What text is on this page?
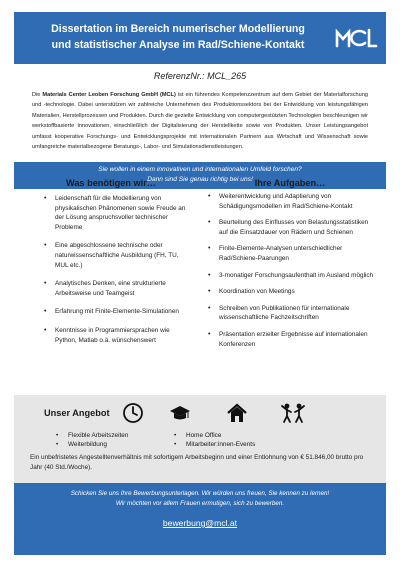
Dissertation im Bereich numerischer Modellierung
und statistischer Analyse im Rad/Schiene-Kontakt
ReferenzNr.: MCL_265
Die Materials Center Leoben Forschung GmbH (MCL) ist ein führendes Kompetenzzentrum auf dem Gebiet der Materialforschung und -technologie. Dabei unterstützen wir zahlreiche Unternehmen des Produktionssektors bei der Entwicklung von leistungsfähigen Materialien, Herstellprozessen und Produkten. Durch die gezielte Entwicklung von computergestützten Technologien beschleunigen wir werkstoffbasierte Innovationen, einschließlich der Digitalisierung der Herstellkette sowie von Produkten. Unser Leistungsangebot umfasst kooperative Forschungs- und Entwicklungsprojekte mit internationalen Partnern aus Wirtschaft und Wissenschaft sowie umfangreiche materialbezogene Beratungs-, Labor- und Simulationsdienstleistungen.
Sie wollen in einem innovativen und internationalen Umfeld forschen?
Dann sind Sie genau richtig bei uns!
Was benötigen wir…
• Leidenschaft für die Modellierung von physikalischen Phänomenen sowie Freude an der Lösung anspruchsvoller technischer Probleme
• Eine abgeschlossene technische oder naturwissenschaftliche Ausbildung (FH, TU, MUL etc.)
• Analytisches Denken, eine strukturierte Arbeitsweise und Teamgeist
• Erfahrung mit Finite-Elemente-Simulationen
• Kenntnisse in Programmiersprachen wie Python, Matlab o.ä. wünschenswert
Ihre Aufgaben…
• Weiterentwicklung und Adaptierung von Schädigungsmodellen im Rad/Schiene-Kontakt
• Beurteilung des Einflusses von Belastungsstatistiken auf die Einsatzdauer von Rädern und Schienen
• Finite-Elemente-Analysen unterschiedlicher Rad/Schiene-Paarungen
• 3-monatiger Forschungsaufenthalt im Ausland möglich
• Koordination von Meetings
• Schreiben von Publikationen für internationale wissenschaftliche Fachzeitschriften
• Präsentation erzielter Ergebnisse auf internationalen Konferenzen
Unser Angebot
• Flexible Arbeitszeiten
• Weiterbildung
• Home Office
• Mitarbeiter:innen-Events
Ein unbefristetes Angestelltenverhältnis mit sofortigem Arbeitsbeginn und einer Entlohnung von € 51.846,00 brutto pro Jahr (40 Std./Woche).
Schicken Sie uns Ihre Bewerbungsunterlagen. Wir würden uns freuen, Sie kennen zu lernen!
Wir möchten vor allem Frauen ermutigen, sich zu bewerben.
bewerbung@mcl.at
